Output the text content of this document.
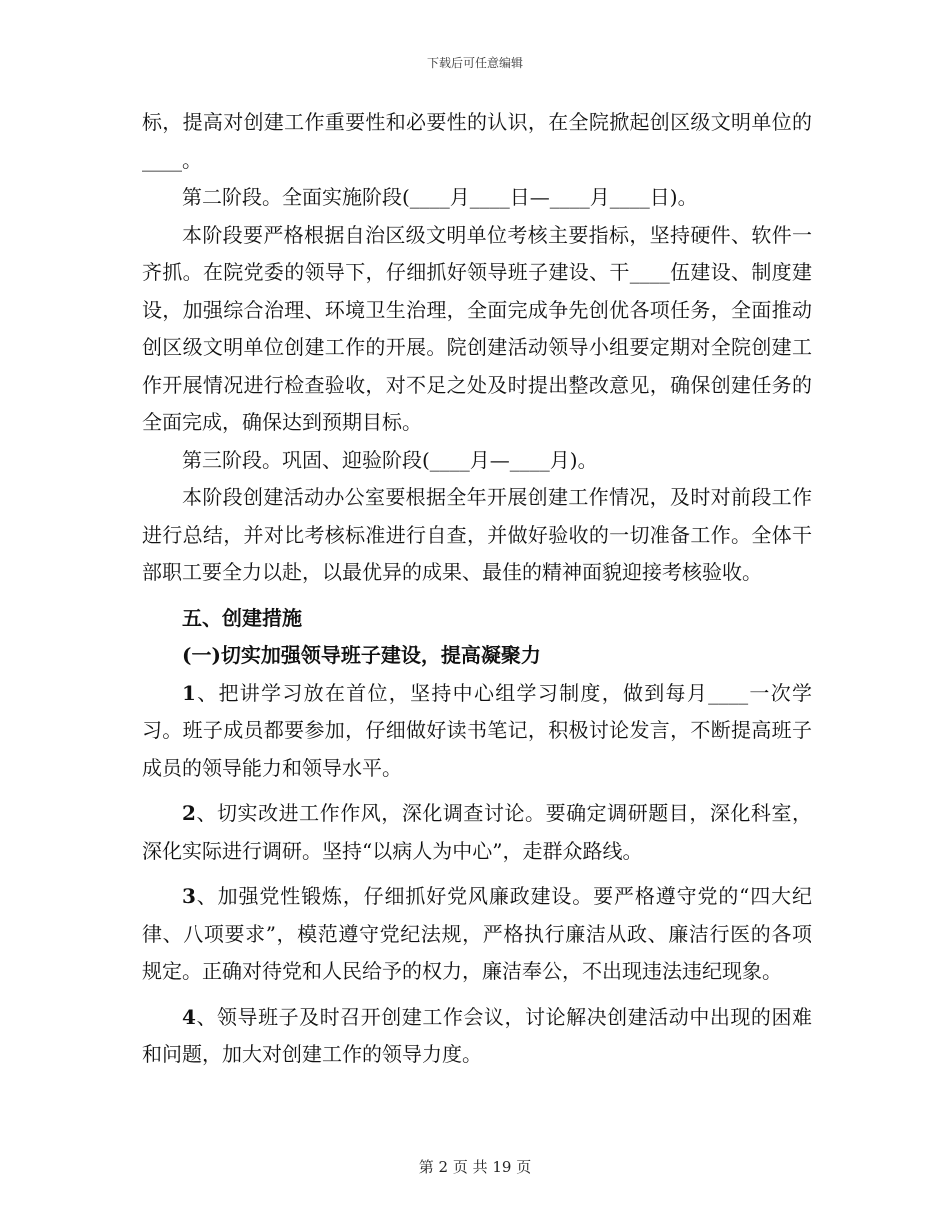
下载后可任意编辑

标，提高对创建工作重要性和必要性的认识，在全院掀起创区级文明单位的____。

第二阶段。全面实施阶段(____月____日—____月____日)。

本阶段要严格根据自治区级文明单位考核主要指标，坚持硬件、软件一齐抓。在院党委的领导下，仔细抓好领导班子建设、干____伍建设、制度建设，加强综合治理、环境卫生治理，全面完成争先创优各项任务，全面推动创区级文明单位创建工作的开展。院创建活动领导小组要定期对全院创建工作开展情况进行检查验收，对不足之处及时提出整改意见，确保创建任务的全面完成，确保达到预期目标。

第三阶段。巩固、迎验阶段(____月—____月)。

本阶段创建活动办公室要根据全年开展创建工作情况，及时对前段工作进行总结，并对比考核标准进行自查，并做好验收的一切准备工作。全体干部职工要全力以赴，以最优异的成果、最佳的精神面貌迎接考核验收。

五、创建措施

(一)切实加强领导班子建设，提高凝聚力

1、把讲学习放在首位，坚持中心组学习制度，做到每月____一次学习。班子成员都要参加，仔细做好读书笔记，积极讨论发言，不断提高班子成员的领导能力和领导水平。

2、切实改进工作作风，深化调查讨论。要确定调研题目，深化科室，深化实际进行调研。坚持“以病人为中心”，走群众路线。

3、加强党性锻炼，仔细抓好党风廉政建设。要严格遵守党的“四大纪律、八项要求”，模范遵守党纪法规，严格执行廉洁从政、廉洁行医的各项规定。正确对待党和人民给予的权力，廉洁奉公，不出现违法违纪现象。

4、领导班子及时召开创建工作会议，讨论解决创建活动中出现的困难和问题，加大对创建工作的领导力度。

第 2 页 共 19 页
